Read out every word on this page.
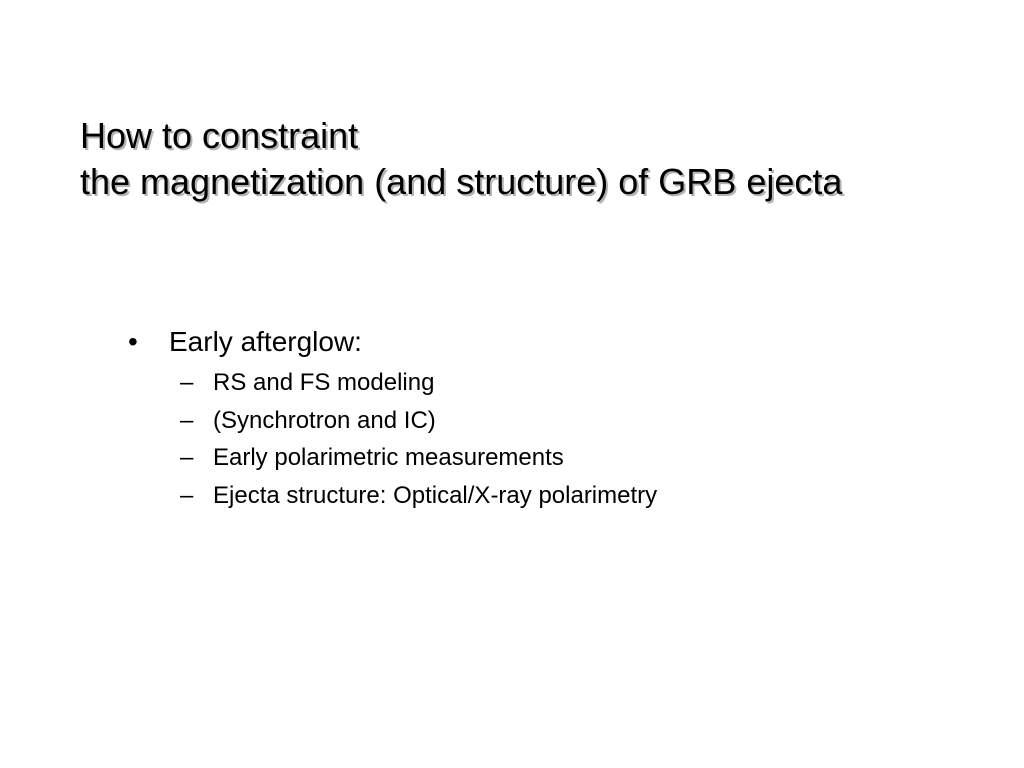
How to constraint
the magnetization (and structure) of GRB ejecta
•	Early afterglow:
– RS and FS modeling
– (Synchrotron and IC)
– Early polarimetric measurements
– Ejecta structure: Optical/X-ray polarimetry
